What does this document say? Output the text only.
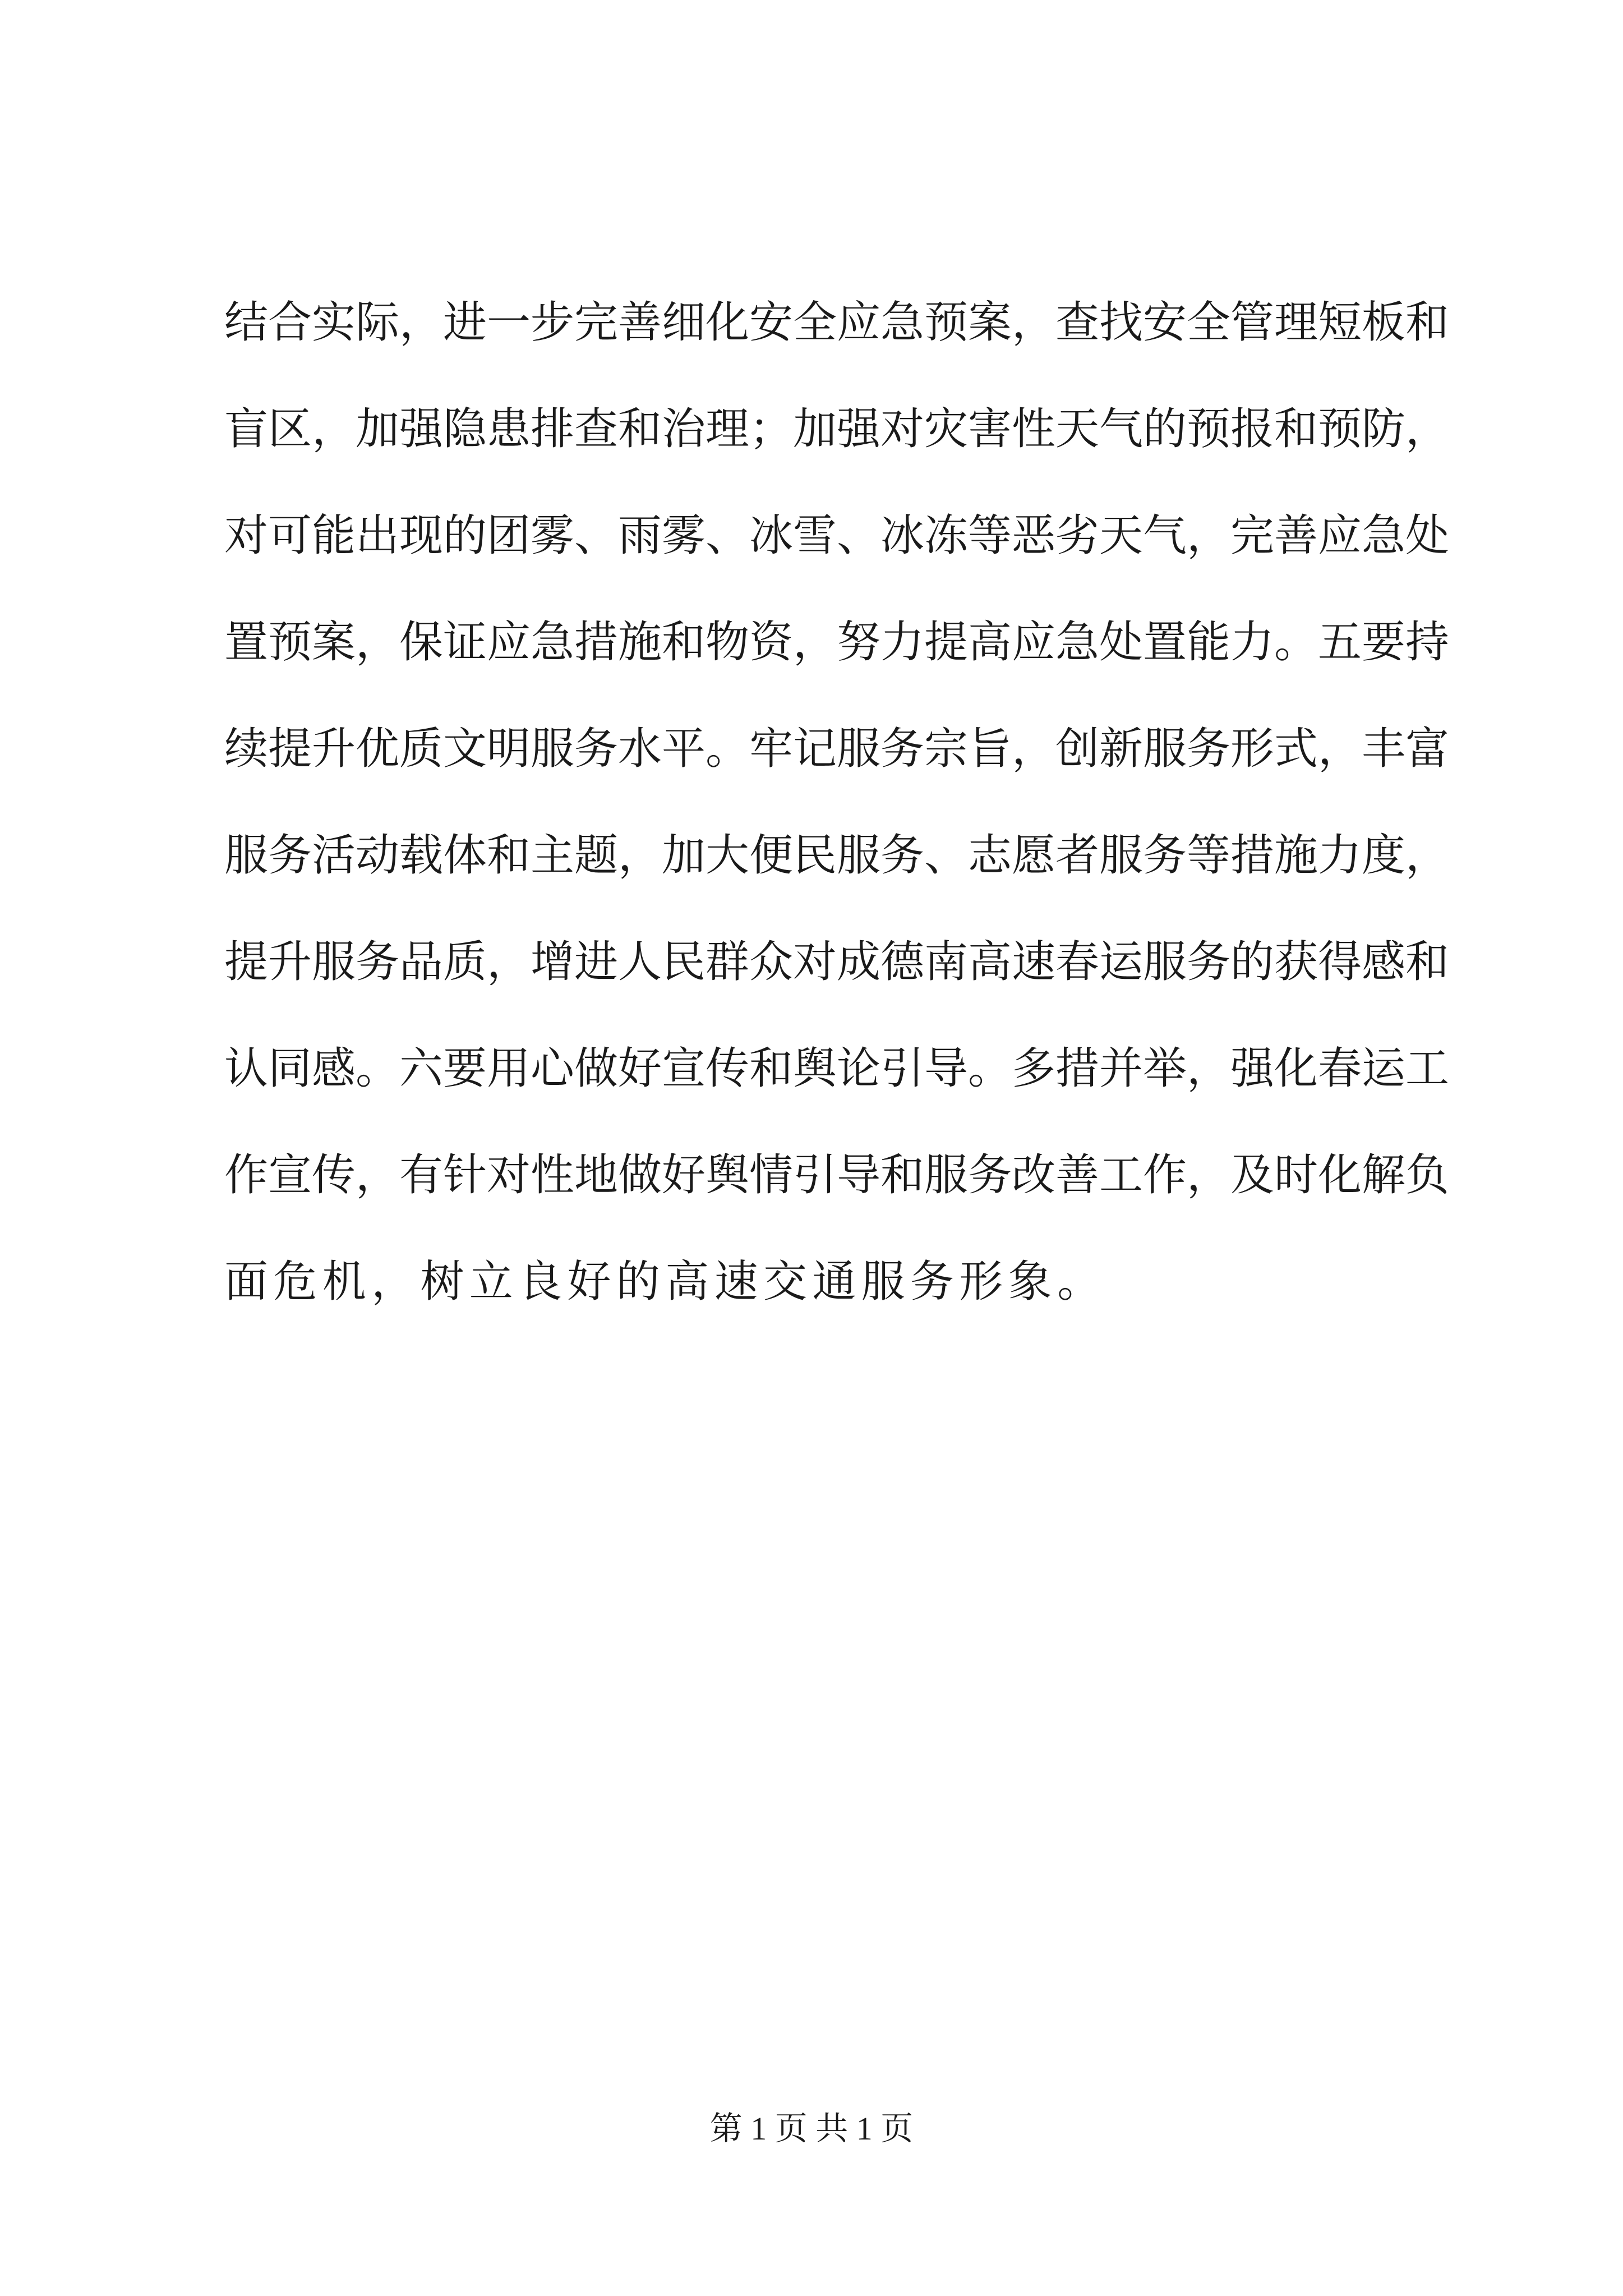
结合实际，进一步完善细化安全应急预案，查找安全管理短板和
盲区，加强隐患排查和治理；加强对灾害性天气的预报和预防，
对可能出现的团雾、雨雾、冰雪、冰冻等恶劣天气，完善应急处
置预案，保证应急措施和物资，努力提高应急处置能力。五要持
续提升优质文明服务水平。牢记服务宗旨，创新服务形式，丰富
服务活动载体和主题，加大便民服务、志愿者服务等措施力度，
提升服务品质，增进人民群众对成德南高速春运服务的获得感和
认同感。六要用心做好宣传和舆论引导。多措并举，强化春运工
作宣传，有针对性地做好舆情引导和服务改善工作，及时化解负
面危机，树立良好的高速交通服务形象。
第 1 页 共 1 页
